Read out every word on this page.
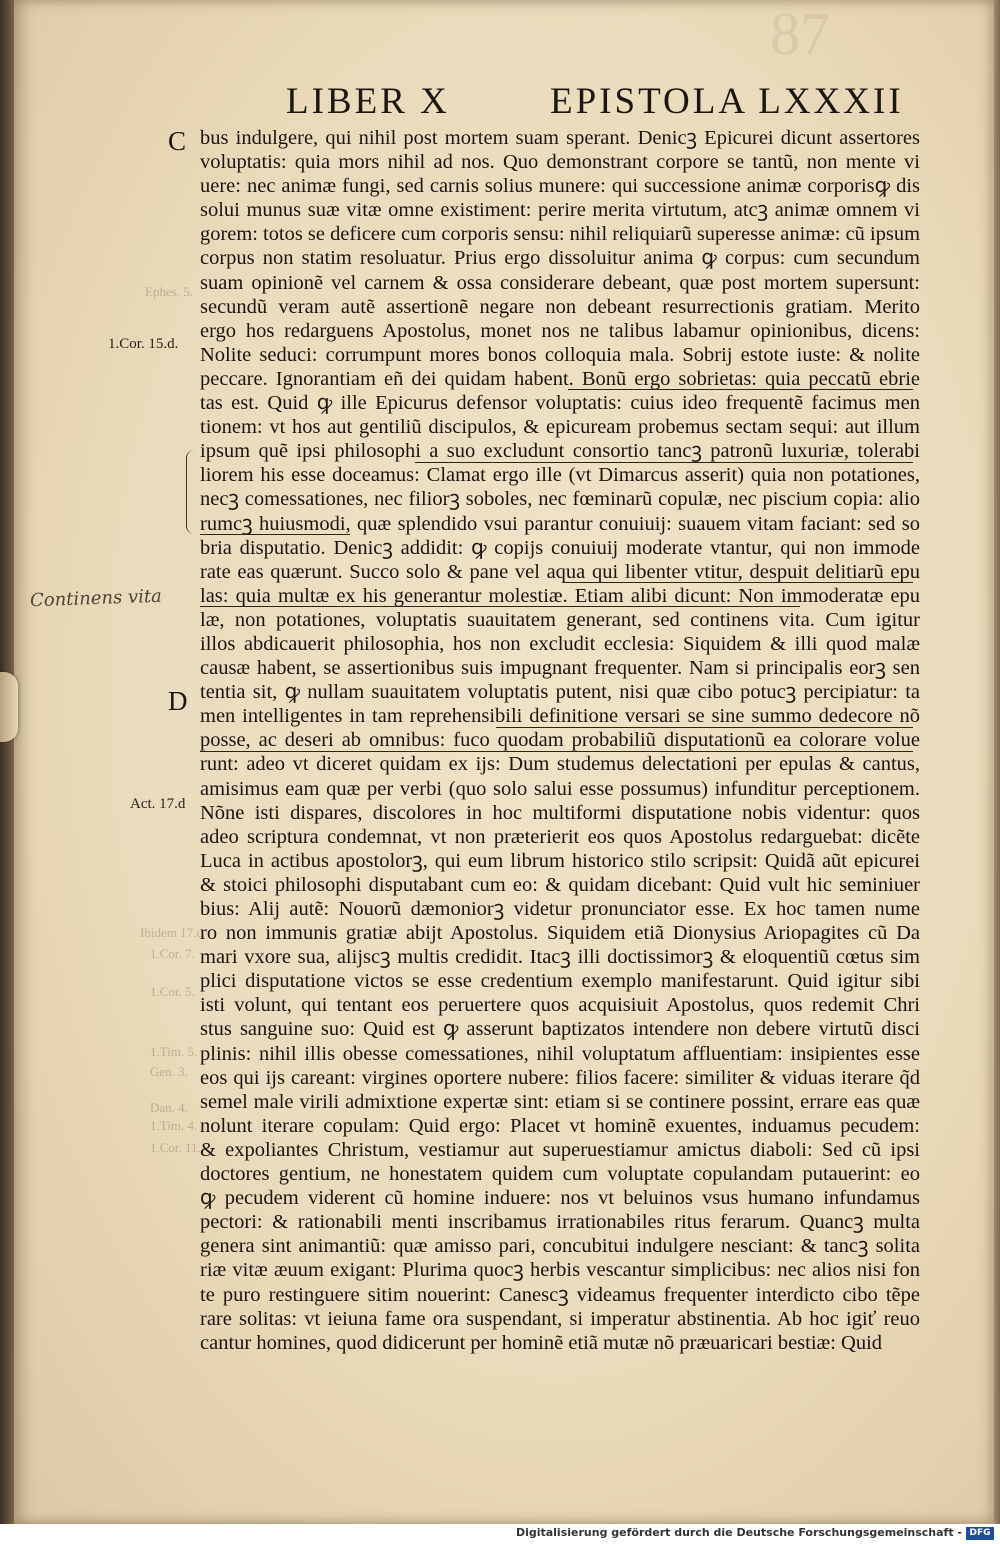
87
LIBER X	EPISTOLA LXXXII
C
D
1.Cor. 15.d.
Act. 17.d
Ephes. 5.
Ibidem 17.c.
1.Cor. 7.
1.Cor. 5.
1.Tim. 5.
Gen. 3.
Dan. 4.
1.Tim. 4.
1.Cor. 11.
Continens vita
bus indulgere, qui nihil post mortem suam sperant. Denicꝫ Epicurei dicunt assertores
voluptatis: quia mors nihil ad nos. Quo demonstrant corpore se tantũ, non mente vi
uere: nec animæ fungi, sed carnis solius munere: qui successione animæ corporisꝙ dis
solui munus suæ vitæ omne existiment: perire merita virtutum, atcꝫ animæ omnem vi
gorem: totos se deficere cum corporis sensu: nihil reliquiarũ superesse animæ: cũ ipsum
corpus non statim resoluatur. Prius ergo dissoluitur anima ꝙ corpus: cum secundum
suam opinionẽ vel carnem & ossa considerare debeant, quæ post mortem supersunt:
secundũ veram autẽ assertionẽ negare non debeant resurrectionis gratiam. Merito
ergo hos redarguens Apostolus, monet nos ne talibus labamur opinionibus, dicens:
Nolite seduci: corrumpunt mores bonos colloquia mala. Sobrij estote iuste: & nolite
peccare. Ignorantiam eñ dei quidam habent. Bonũ ergo sobrietas: quia peccatũ ebrie
tas est. Quid ꝙ ille Epicurus defensor voluptatis: cuius ideo frequentẽ facimus men
tionem: vt hos aut gentiliũ discipulos, & epicuream probemus sectam sequi: aut illum
ipsum quẽ ipsi philosophi a suo excludunt consortio tancꝫ patronũ luxuriæ, tolerabi
liorem his esse doceamus: Clamat ergo ille (vt Dimarcus asserit) quia non potationes,
necꝫ comessationes, nec filiorꝫ soboles, nec fœminarũ copulæ, nec piscium copia: alio
rumcꝫ huiusmodi, quæ splendido vsui parantur conuiuij: suauem vitam faciant: sed so
bria disputatio. Denicꝫ addidit: ꝙ copijs conuiuij moderate vtantur, qui non immode
rate eas quærunt. Succo solo & pane vel aqua qui libenter vtitur, despuit delitiarũ epu
las: quia multæ ex his generantur molestiæ. Etiam alibi dicunt: Non immoderatæ epu
læ, non potationes, voluptatis suauitatem generant, sed continens vita. Cum igitur
illos abdicauerit philosophia, hos non excludit ecclesia: Siquidem & illi quod malæ
causæ habent, se assertionibus suis impugnant frequenter. Nam si principalis eorꝫ sen
tentia sit, ꝙ nullam suauitatem voluptatis putent, nisi quæ cibo potucꝫ percipiatur: ta
men intelligentes in tam reprehensibili definitione versari se sine summo dedecore nõ
posse, ac deseri ab omnibus: fuco quodam probabiliũ disputationũ ea colorare volue
runt: adeo vt diceret quidam ex ijs: Dum studemus delectationi per epulas & cantus,
amisimus eam quæ per verbi (quo solo salui esse possumus) infunditur perceptionem.
Nõne isti dispares, discolores in hoc multiformi disputatione nobis videntur: quos
adeo scriptura condemnat, vt non præterierit eos quos Apostolus redarguebat: dicẽte
Luca in actibus apostolorꝫ, qui eum librum historico stilo scripsit: Quidã aũt epicurei
& stoici philosophi disputabant cum eo: & quidam dicebant: Quid vult hic seminiuer
bius: Alij autẽ: Nouorũ dæmoniorꝫ videtur pronunciator esse. Ex hoc tamen nume
ro non immunis gratiæ abijt Apostolus. Siquidem etiã Dionysius Ariopagites cũ Da
mari vxore sua, alijscꝫ multis credidit. Itacꝫ illi doctissimorꝫ & eloquentiũ cœtus sim
plici disputatione victos se esse credentium exemplo manifestarunt. Quid igitur sibi
isti volunt, qui tentant eos peruertere quos acquisiuit Apostolus, quos redemit Chri
stus sanguine suo: Quid est ꝙ asserunt baptizatos intendere non debere virtutũ disci
plinis: nihil illis obesse comessationes, nihil voluptatum affluentiam: insipientes esse
eos qui ijs careant: virgines oportere nubere: filios facere: similiter & viduas iterare q̃d
semel male virili admixtione expertæ sint: etiam si se continere possint, errare eas quæ
nolunt iterare copulam: Quid ergo: Placet vt hominẽ exuentes, induamus pecudem:
& expoliantes Christum, vestiamur aut superuestiamur amictus diaboli: Sed cũ ipsi
doctores gentium, ne honestatem quidem cum voluptate copulandam putauerint: eo
ꝙ pecudem viderent cũ homine induere: nos vt beluinos vsus humano infundamus
pectori: & rationabili menti inscribamus irrationabiles ritus ferarum. Quancꝫ multa
genera sint animantiũ: quæ amisso pari, concubitui indulgere nesciant: & tancꝫ solita
riæ vitæ æuum exigant: Plurima quocꝫ herbis vescantur simplicibus: nec alios nisi fon
te puro restinguere sitim nouerint: Canescꝫ videamus frequenter interdicto cibo tẽpe
rare solitas: vt ieiuna fame ora suspendant, si imperatur abstinentia. Ab hoc igiť reuo
cantur homines, quod didicerunt per hominẽ etiã mutæ nõ præuaricari bestiæ: Quid
Digitalisierung gefördert durch die Deutsche Forschungsgemeinschaft - DFG
